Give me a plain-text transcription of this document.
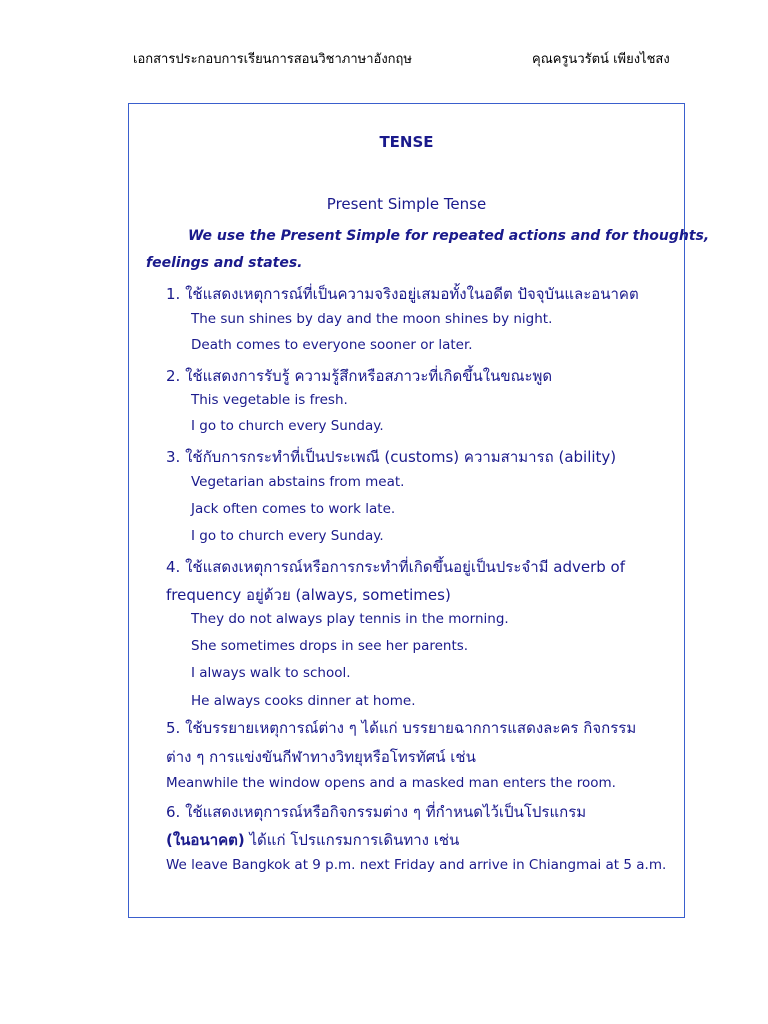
เอกสารประกอบการเรียนการสอนวิชาภาษาอังกฤษ	คุณครูนวรัตน์ เพียงไชสง
TENSE
Present Simple Tense
We use the Present Simple for repeated actions and for thoughts,
feelings and states.
1. ใช้แสดงเหตุการณ์ที่เป็นความจริงอยู่เสมอทั้งในอดีต ปัจจุบันและอนาคต
The sun shines by day and the moon shines by night.
Death comes to everyone sooner or later.
2. ใช้แสดงการรับรู้ ความรู้สึกหรือสภาวะที่เกิดขึ้นในขณะพูด
This vegetable is fresh.
I go to church every Sunday.
3. ใช้กับการกระทำที่เป็นประเพณี (customs) ความสามารถ (ability)
Vegetarian abstains from meat.
Jack often comes to work late.
I go to church every Sunday.
4. ใช้แสดงเหตุการณ์หรือการกระทำที่เกิดขึ้นอยู่เป็นประจำมี adverb of
frequency อยู่ด้วย (always, sometimes)
They do not always play tennis in the morning.
She sometimes drops in see her parents.
I always walk to school.
He always cooks dinner at home.
5. ใช้บรรยายเหตุการณ์ต่าง ๆ ได้แก่ บรรยายฉากการแสดงละคร กิจกรรม
ต่าง ๆ การแข่งขันกีฬาทางวิทยุหรือโทรทัศน์ เช่น
Meanwhile the window opens and a masked man enters the room.
6. ใช้แสดงเหตุการณ์หรือกิจกรรมต่าง ๆ ที่กำหนดไว้เป็นโปรแกรม
(ในอนาคต) ได้แก่ โปรแกรมการเดินทาง เช่น
We leave Bangkok at 9 p.m. next Friday and arrive in Chiangmai at 5 a.m.
